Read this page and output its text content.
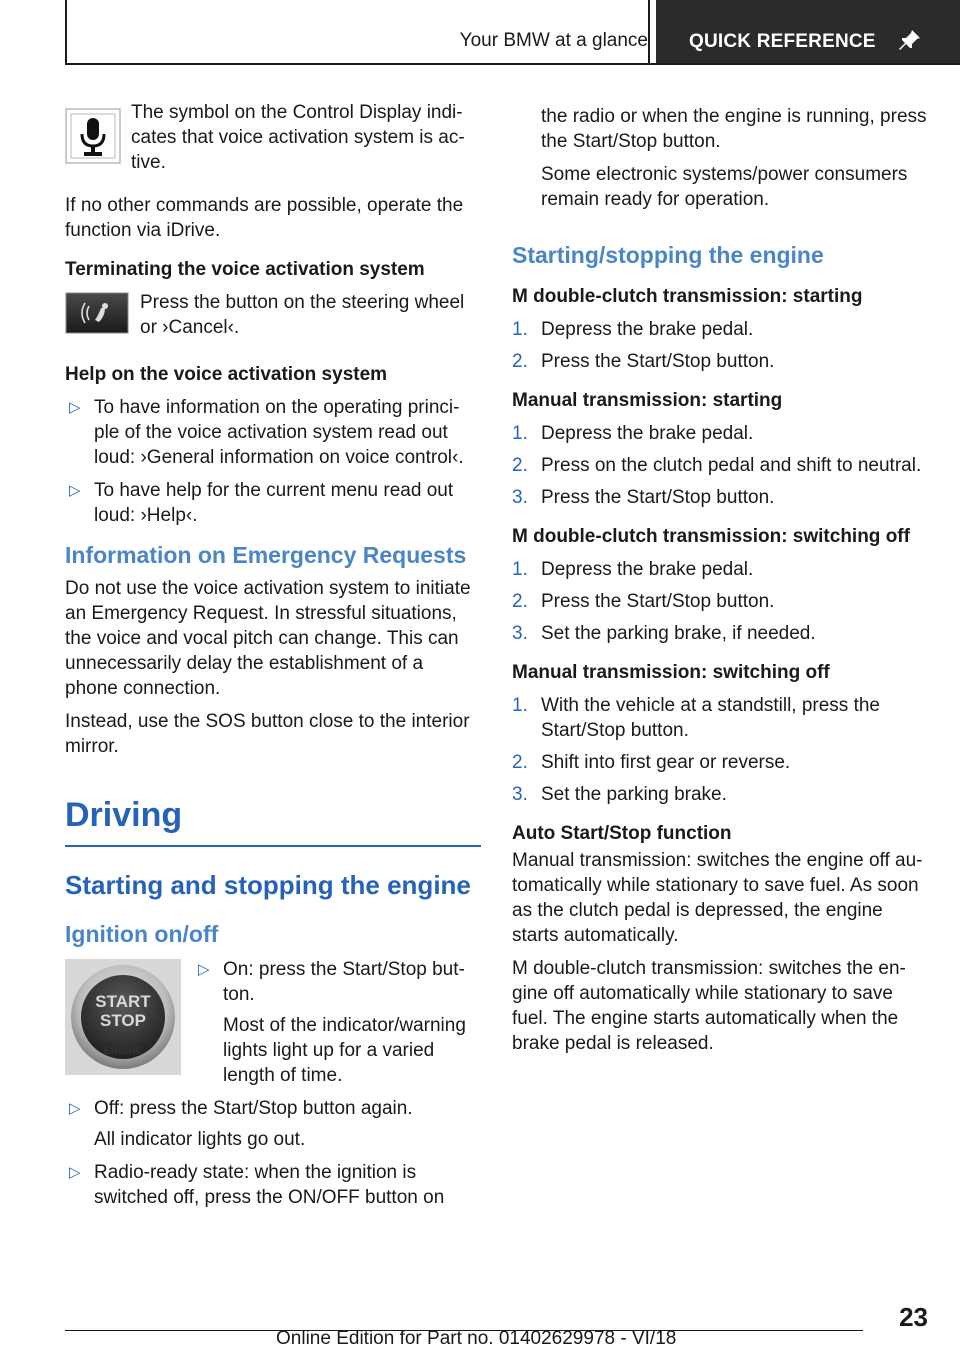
Your BMW at a glance QUICK REFERENCE

The symbol on the Control Display indi- cates that voice activation system is ac- tive.

If no other commands are possible, operate the function via iDrive.

Terminating the voice activation system

Press the button on the steering wheel or ›Cancel‹.

Help on the voice activation system
▷ To have information on the operating princi- ple of the voice activation system read out loud: ›General information on voice control‹.
▷ To have help for the current menu read out loud: ›Help‹.
Information on Emergency Requests

Do not use the voice activation system to initiate an Emergency Request. In stressful situations, the voice and vocal pitch can change. This can unnecessarily delay the establishment of a phone connection.

Instead, use the SOS button close to the interior mirror.

Driving
Starting and stopping the engine
Ignition on/off
START
STOP
ENGINE
▷ On: press the Start/Stop but- ton.
Most of the indicator/warning lights light up for a varied length of time.
▷ Off: press the Start/Stop button again.
All indicator lights go out.
▷ Radio-ready state: when the ignition is switched off, press the ON/OFF button on

the radio or when the engine is running, press the Start/Stop button.

Some electronic systems/power consumers remain ready for operation.

Starting/stopping the engine
M double-clutch transmission: starting
1. Depress the brake pedal.
2. Press the Start/Stop button.
Manual transmission: starting
1. Depress the brake pedal.
2. Press on the clutch pedal and shift to neutral.
3. Press the Start/Stop button.
M double-clutch transmission: switching off
1. Depress the brake pedal.
2. Press the Start/Stop button.
3. Set the parking brake, if needed.
Manual transmission: switching off
1. With the vehicle at a standstill, press the Start/Stop button.
2. Shift into first gear or reverse.
3. Set the parking brake.
Auto Start/Stop function

Manual transmission: switches the engine off au- tomatically while stationary to save fuel. As soon as the clutch pedal is depressed, the engine starts automatically.

M double-clutch transmission: switches the en- gine off automatically while stationary to save fuel. The engine starts automatically when the brake pedal is released.

23
Online Edition for Part no. 01402629978 - VI/18
